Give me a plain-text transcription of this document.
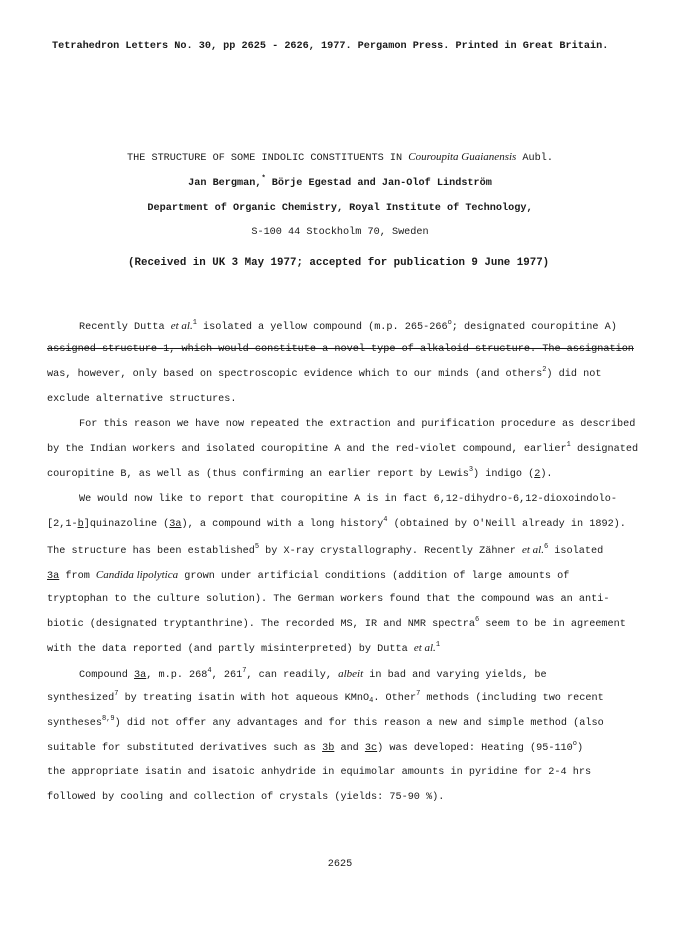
Tetrahedron Letters No. 30, pp 2625 - 2626, 1977. Pergamon Press. Printed in Great Britain.
THE STRUCTURE OF SOME INDOLIC CONSTITUENTS IN Couroupita Guaianensis Aubl.
Jan Bergman,* Börje Egestad and Jan-Olof Lindström
Department of Organic Chemistry, Royal Institute of Technology,
S-100 44 Stockholm 70, Sweden
(Received in UK 3 May 1977; accepted for publication 9 June 1977)
Recently Dutta et al.$^1$ isolated a yellow compound (m.p. 265-266$^o$; designated couropitine A)
assigned structure 1, which would constitute a novel type of alkaloid structure. The assignation
was, however, only based on spectroscopic evidence which to our minds (and others$^2$) did not
exclude alternative structures.
For this reason we have now repeated the extraction and purification procedure as described
by the Indian workers and isolated couropitine A and the red-violet compound, earlier$^1$ designated
couropitine B, as well as (thus confirming an earlier report by Lewis$^3$) indigo (2).
We would now like to report that couropitine A is in fact 6,12-dihydro-6,12-dioxoindolo-
[2,1-b]quinazoline (3a), a compound with a long history$^4$ (obtained by O'Neill already in 1892).
The structure has been established$^5$ by X-ray crystallography. Recently Zähner et al.$^6$ isolated
3a from Candida lipolytica grown under artificial conditions (addition of large amounts of
tryptophan to the culture solution). The German workers found that the compound was an anti-
biotic (designated tryptanthrine). The recorded MS, IR and NMR spectra$^6$ seem to be in agreement
with the data reported (and partly misinterpreted) by Dutta et al.$^1$
Compound 3a, m.p. $268^4$, $261^7$, can readily, albeit in bad and varying yields, be
synthesized$^7$ by treating isatin with hot aqueous KMnO$_4$. Other$^7$ methods (including two recent
syntheses$^{8,9}$) did not offer any advantages and for this reason a new and simple method (also
suitable for substituted derivatives such as 3b and 3c) was developed: Heating (95-110$^o$)
the appropriate isatin and isatoic anhydride in equimolar amounts in pyridine for 2-4 hrs
followed by cooling and collection of crystals (yields: 75-90 %).
2625
